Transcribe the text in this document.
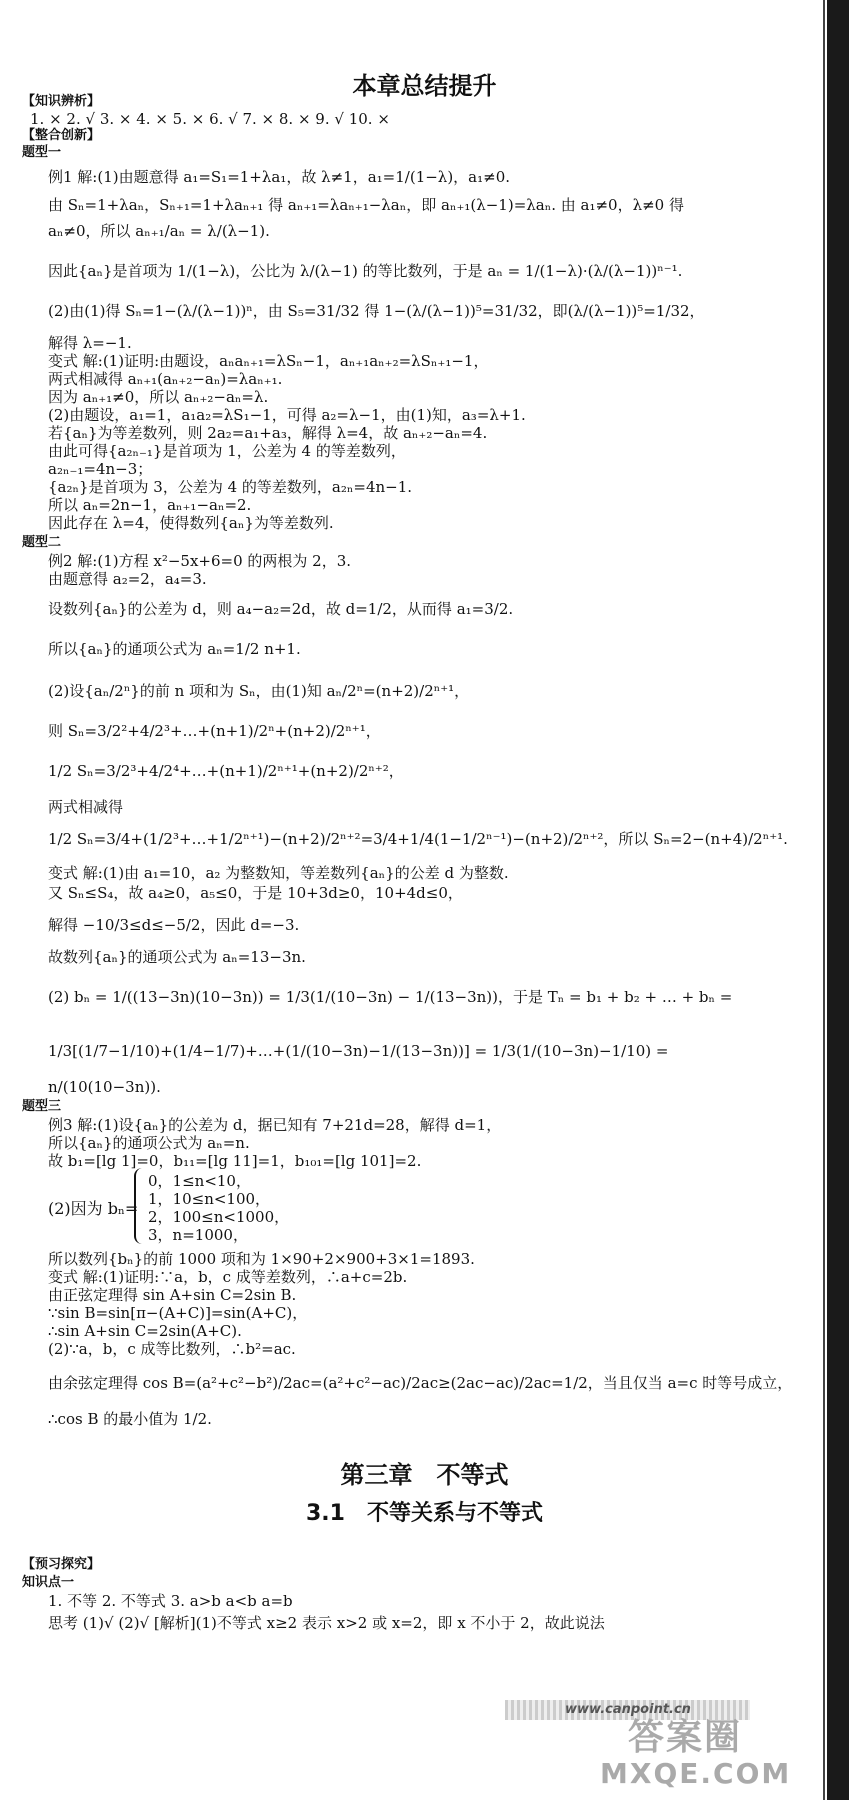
本章总结提升
【知识辨析】
1. × 2. √ 3. × 4. × 5. × 6. √ 7. × 8. × 9. √ 10. ×
【整合创新】
题型一
例1 解:(1)由题意得 a₁=S₁=1+λa₁，故 λ≠1，a₁=1/(1−λ)，a₁≠0.
由 Sₙ=1+λaₙ，Sₙ₊₁=1+λaₙ₊₁ 得 aₙ₊₁=λaₙ₊₁−λaₙ，即 aₙ₊₁(λ−1)=λaₙ. 由 a₁≠0，λ≠0 得
aₙ≠0，所以 aₙ₊₁/aₙ = λ/(λ−1).
因此{aₙ}是首项为 1/(1−λ)，公比为 λ/(λ−1) 的等比数列，于是 aₙ = 1/(1−λ)·(λ/(λ−1))ⁿ⁻¹.
(2)由(1)得 Sₙ=1−(λ/(λ−1))ⁿ，由 S₅=31/32 得 1−(λ/(λ−1))⁵=31/32，即(λ/(λ−1))⁵=1/32，
解得 λ=−1.
变式 解:(1)证明:由题设，aₙaₙ₊₁=λSₙ−1，aₙ₊₁aₙ₊₂=λSₙ₊₁−1，
两式相减得 aₙ₊₁(aₙ₊₂−aₙ)=λaₙ₊₁.
因为 aₙ₊₁≠0，所以 aₙ₊₂−aₙ=λ.
(2)由题设，a₁=1，a₁a₂=λS₁−1，可得 a₂=λ−1，由(1)知，a₃=λ+1.
若{aₙ}为等差数列，则 2a₂=a₁+a₃，解得 λ=4，故 aₙ₊₂−aₙ=4.
由此可得{a₂ₙ₋₁}是首项为 1，公差为 4 的等差数列，
a₂ₙ₋₁=4n−3；
{a₂ₙ}是首项为 3，公差为 4 的等差数列，a₂ₙ=4n−1.
所以 aₙ=2n−1，aₙ₊₁−aₙ=2.
因此存在 λ=4，使得数列{aₙ}为等差数列.
题型二
例2 解:(1)方程 x²−5x+6=0 的两根为 2，3.
由题意得 a₂=2，a₄=3.
设数列{aₙ}的公差为 d，则 a₄−a₂=2d，故 d=1/2，从而得 a₁=3/2.
所以{aₙ}的通项公式为 aₙ=1/2 n+1.
(2)设{aₙ/2ⁿ}的前 n 项和为 Sₙ，由(1)知 aₙ/2ⁿ=(n+2)/2ⁿ⁺¹，
则 Sₙ=3/2²+4/2³+…+(n+1)/2ⁿ+(n+2)/2ⁿ⁺¹，
1/2 Sₙ=3/2³+4/2⁴+…+(n+1)/2ⁿ⁺¹+(n+2)/2ⁿ⁺²，
两式相减得
1/2 Sₙ=3/4+(1/2³+…+1/2ⁿ⁺¹)−(n+2)/2ⁿ⁺²=3/4+1/4(1−1/2ⁿ⁻¹)−(n+2)/2ⁿ⁺²，所以 Sₙ=2−(n+4)/2ⁿ⁺¹.
变式 解:(1)由 a₁=10，a₂ 为整数知，等差数列{aₙ}的公差 d 为整数.
又 Sₙ≤S₄，故 a₄≥0，a₅≤0，于是 10+3d≥0，10+4d≤0，
解得 −10/3≤d≤−5/2，因此 d=−3.
故数列{aₙ}的通项公式为 aₙ=13−3n.
(2) bₙ = 1/((13−3n)(10−3n)) = 1/3(1/(10−3n) − 1/(13−3n))，于是 Tₙ = b₁ + b₂ + … + bₙ =
1/3[(1/7−1/10)+(1/4−1/7)+…+(1/(10−3n)−1/(13−3n))] = 1/3(1/(10−3n)−1/10) =
n/(10(10−3n)).
题型三
例3 解:(1)设{aₙ}的公差为 d，据已知有 7+21d=28，解得 d=1，
所以{aₙ}的通项公式为 aₙ=n.
故 b₁=[lg 1]=0，b₁₁=[lg 11]=1，b₁₀₁=[lg 101]=2.
0，1≤n<10，
(2)因为 bₙ= 1，10≤n<100，
2，100≤n<1000，
3，n=1000，
所以数列{bₙ}的前 1000 项和为 1×90+2×900+3×1=1893.
变式 解:(1)证明:∵a，b，c 成等差数列，∴a+c=2b.
由正弦定理得 sin A+sin C=2sin B.
∵sin B=sin[π−(A+C)]=sin(A+C)，
∴sin A+sin C=2sin(A+C).
(2)∵a，b，c 成等比数列，∴b²=ac.
由余弦定理得 cos B=(a²+c²−b²)/2ac=(a²+c²−ac)/2ac≥(2ac−ac)/2ac=1/2，当且仅当 a=c 时等号成立，
∴cos B 的最小值为 1/2.
第三章　不等式
3.1　不等关系与不等式
【预习探究】
知识点一
1. 不等 2. 不等式 3. a>b a<b a=b
思考 (1)√ (2)√ [解析](1)不等式 x≥2 表示 x>2 或 x=2，即 x 不小于 2，故此说法
www.canpoint.cn
答案圈
MXQE.COM
